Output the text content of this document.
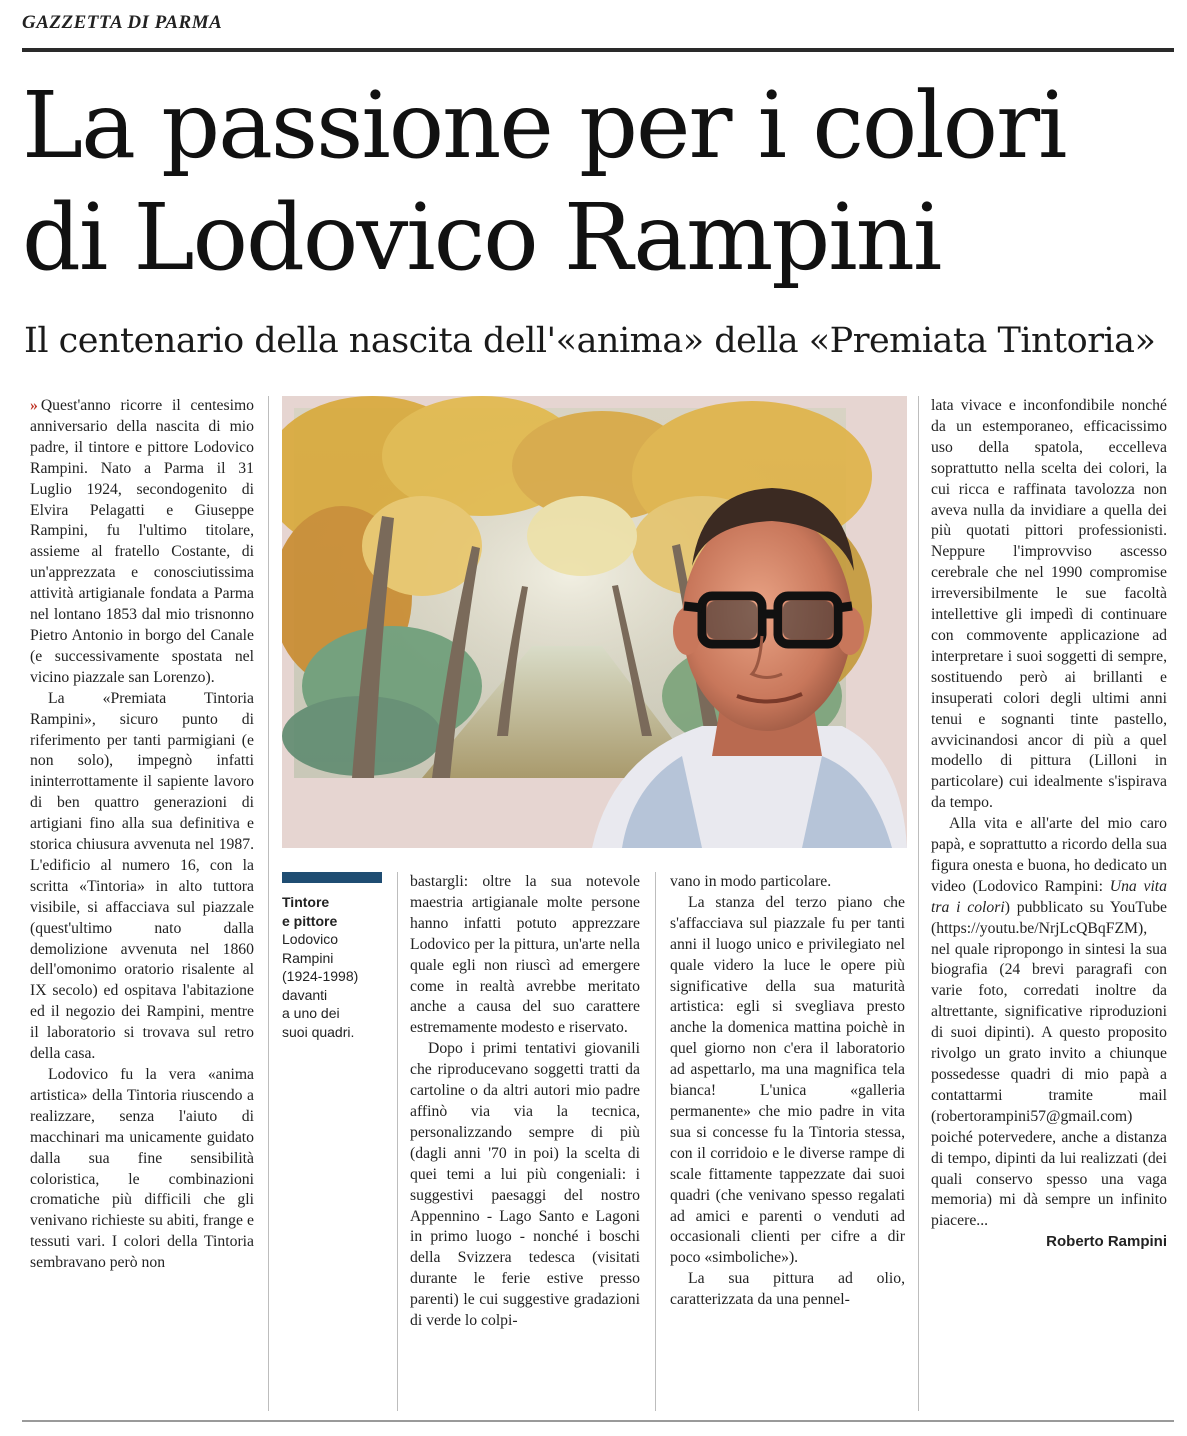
GAZZETTA DI PARMA
La passione per i colori
di Lodovico Rampini
Il centenario della nascita dell'«anima» della «Premiata Tintoria»

» Quest'anno ricorre il centesimo anniversario della nascita di mio padre, il tintore e pittore Lodovico Rampini. Nato a Parma il 31 Luglio 1924, secondogenito di Elvira Pelagatti e Giuseppe Rampini, fu l'ultimo titolare, assieme al fratello Costante, di un'apprezzata e conosciutissima attività artigianale fondata a Parma nel lontano 1853 dal mio trisnonno Pietro Antonio in borgo del Canale (e successivamente spostata nel vicino piazzale san Lorenzo).

La «Premiata Tintoria Rampini», sicuro punto di riferimento per tanti parmigiani (e non solo), impegnò infatti ininterrottamente il sapiente lavoro di ben quattro generazioni di artigiani fino alla sua definitiva e storica chiusura avvenuta nel 1987. L'edificio al numero 16, con la scritta «Tintoria» in alto tuttora visibile, si affacciava sul piazzale (quest'ultimo nato dalla demolizione avvenuta nel 1860 dell'omonimo oratorio risalente al IX secolo) ed ospitava l'abitazione ed il negozio dei Rampini, mentre il laboratorio si trovava sul retro della casa.

Lodovico fu la vera «anima artistica» della Tintoria riuscendo a realizzare, senza l'aiuto di macchinari ma unicamente guidato dalla sua fine sensibilità coloristica, le combinazioni cromatiche più difficili che gli venivano richieste su abiti, frange e tessuti vari. I colori della Tintoria sembravano però non

Tintore
e pittore
Lodovico
Rampini
(1924-1998)
davanti
a uno dei
suoi quadri.

bastargli: oltre la sua notevole maestria artigianale molte persone hanno infatti potuto apprezzare Lodovico per la pittura, un'arte nella quale egli non riuscì ad emergere come in realtà avrebbe meritato anche a causa del suo carattere estremamente modesto e riservato.

Dopo i primi tentativi giovanili che riproducevano soggetti tratti da cartoline o da altri autori mio padre affinò via via la tecnica, personalizzando sempre di più (dagli anni '70 in poi) la scelta di quei temi a lui più congeniali: i suggestivi paesaggi del nostro Appennino - Lago Santo e Lagoni in primo luogo - nonché i boschi della Svizzera tedesca (visitati durante le ferie estive presso parenti) le cui suggestive gradazioni di verde lo colpi-

vano in modo particolare.

La stanza del terzo piano che s'affacciava sul piazzale fu per tanti anni il luogo unico e privilegiato nel quale videro la luce le opere più significative della sua maturità artistica: egli si svegliava presto anche la domenica mattina poichè in quel giorno non c'era il laboratorio ad aspettarlo, ma una magnifica tela bianca! L'unica «galleria permanente» che mio padre in vita sua si concesse fu la Tintoria stessa, con il corridoio e le diverse rampe di scale fittamente tappezzate dai suoi quadri (che venivano spesso regalati ad amici e parenti o venduti ad occasionali clienti per cifre a dir poco «simboliche»).

La sua pittura ad olio, caratterizzata da una pennel-

lata vivace e inconfondibile nonché da un estemporaneo, efficacissimo uso della spatola, eccelleva soprattutto nella scelta dei colori, la cui ricca e raffinata tavolozza non aveva nulla da invidiare a quella dei più quotati pittori professionisti. Neppure l'improvviso ascesso cerebrale che nel 1990 compromise irreversibilmente le sue facoltà intellettive gli impedì di continuare con commovente applicazione ad interpretare i suoi soggetti di sempre, sostituendo però ai brillanti e insuperati colori degli ultimi anni tenui e sognanti tinte pastello, avvicinandosi ancor di più a quel modello di pittura (Lilloni in particolare) cui idealmente s'ispirava da tempo.

Alla vita e all'arte del mio caro papà, e soprattutto a ricordo della sua figura onesta e buona, ho dedicato un video (Lodovico Rampini: Una vita tra i colori) pubblicato su YouTube (https://youtu.be/NrjLcQBqFZM), nel quale ripropongo in sintesi la sua biografia (24 brevi paragrafi con varie foto, corredati inoltre da altrettante, significative riproduzioni di suoi dipinti). A questo proposito rivolgo un grato invito a chiunque possedesse quadri di mio papà a contattarmi tramite mail (robertorampini57@gmail.com) poiché potervedere, anche a distanza di tempo, dipinti da lui realizzati (dei quali conservo spesso una vaga memoria) mi dà sempre un infinito piacere...

Roberto Rampini
